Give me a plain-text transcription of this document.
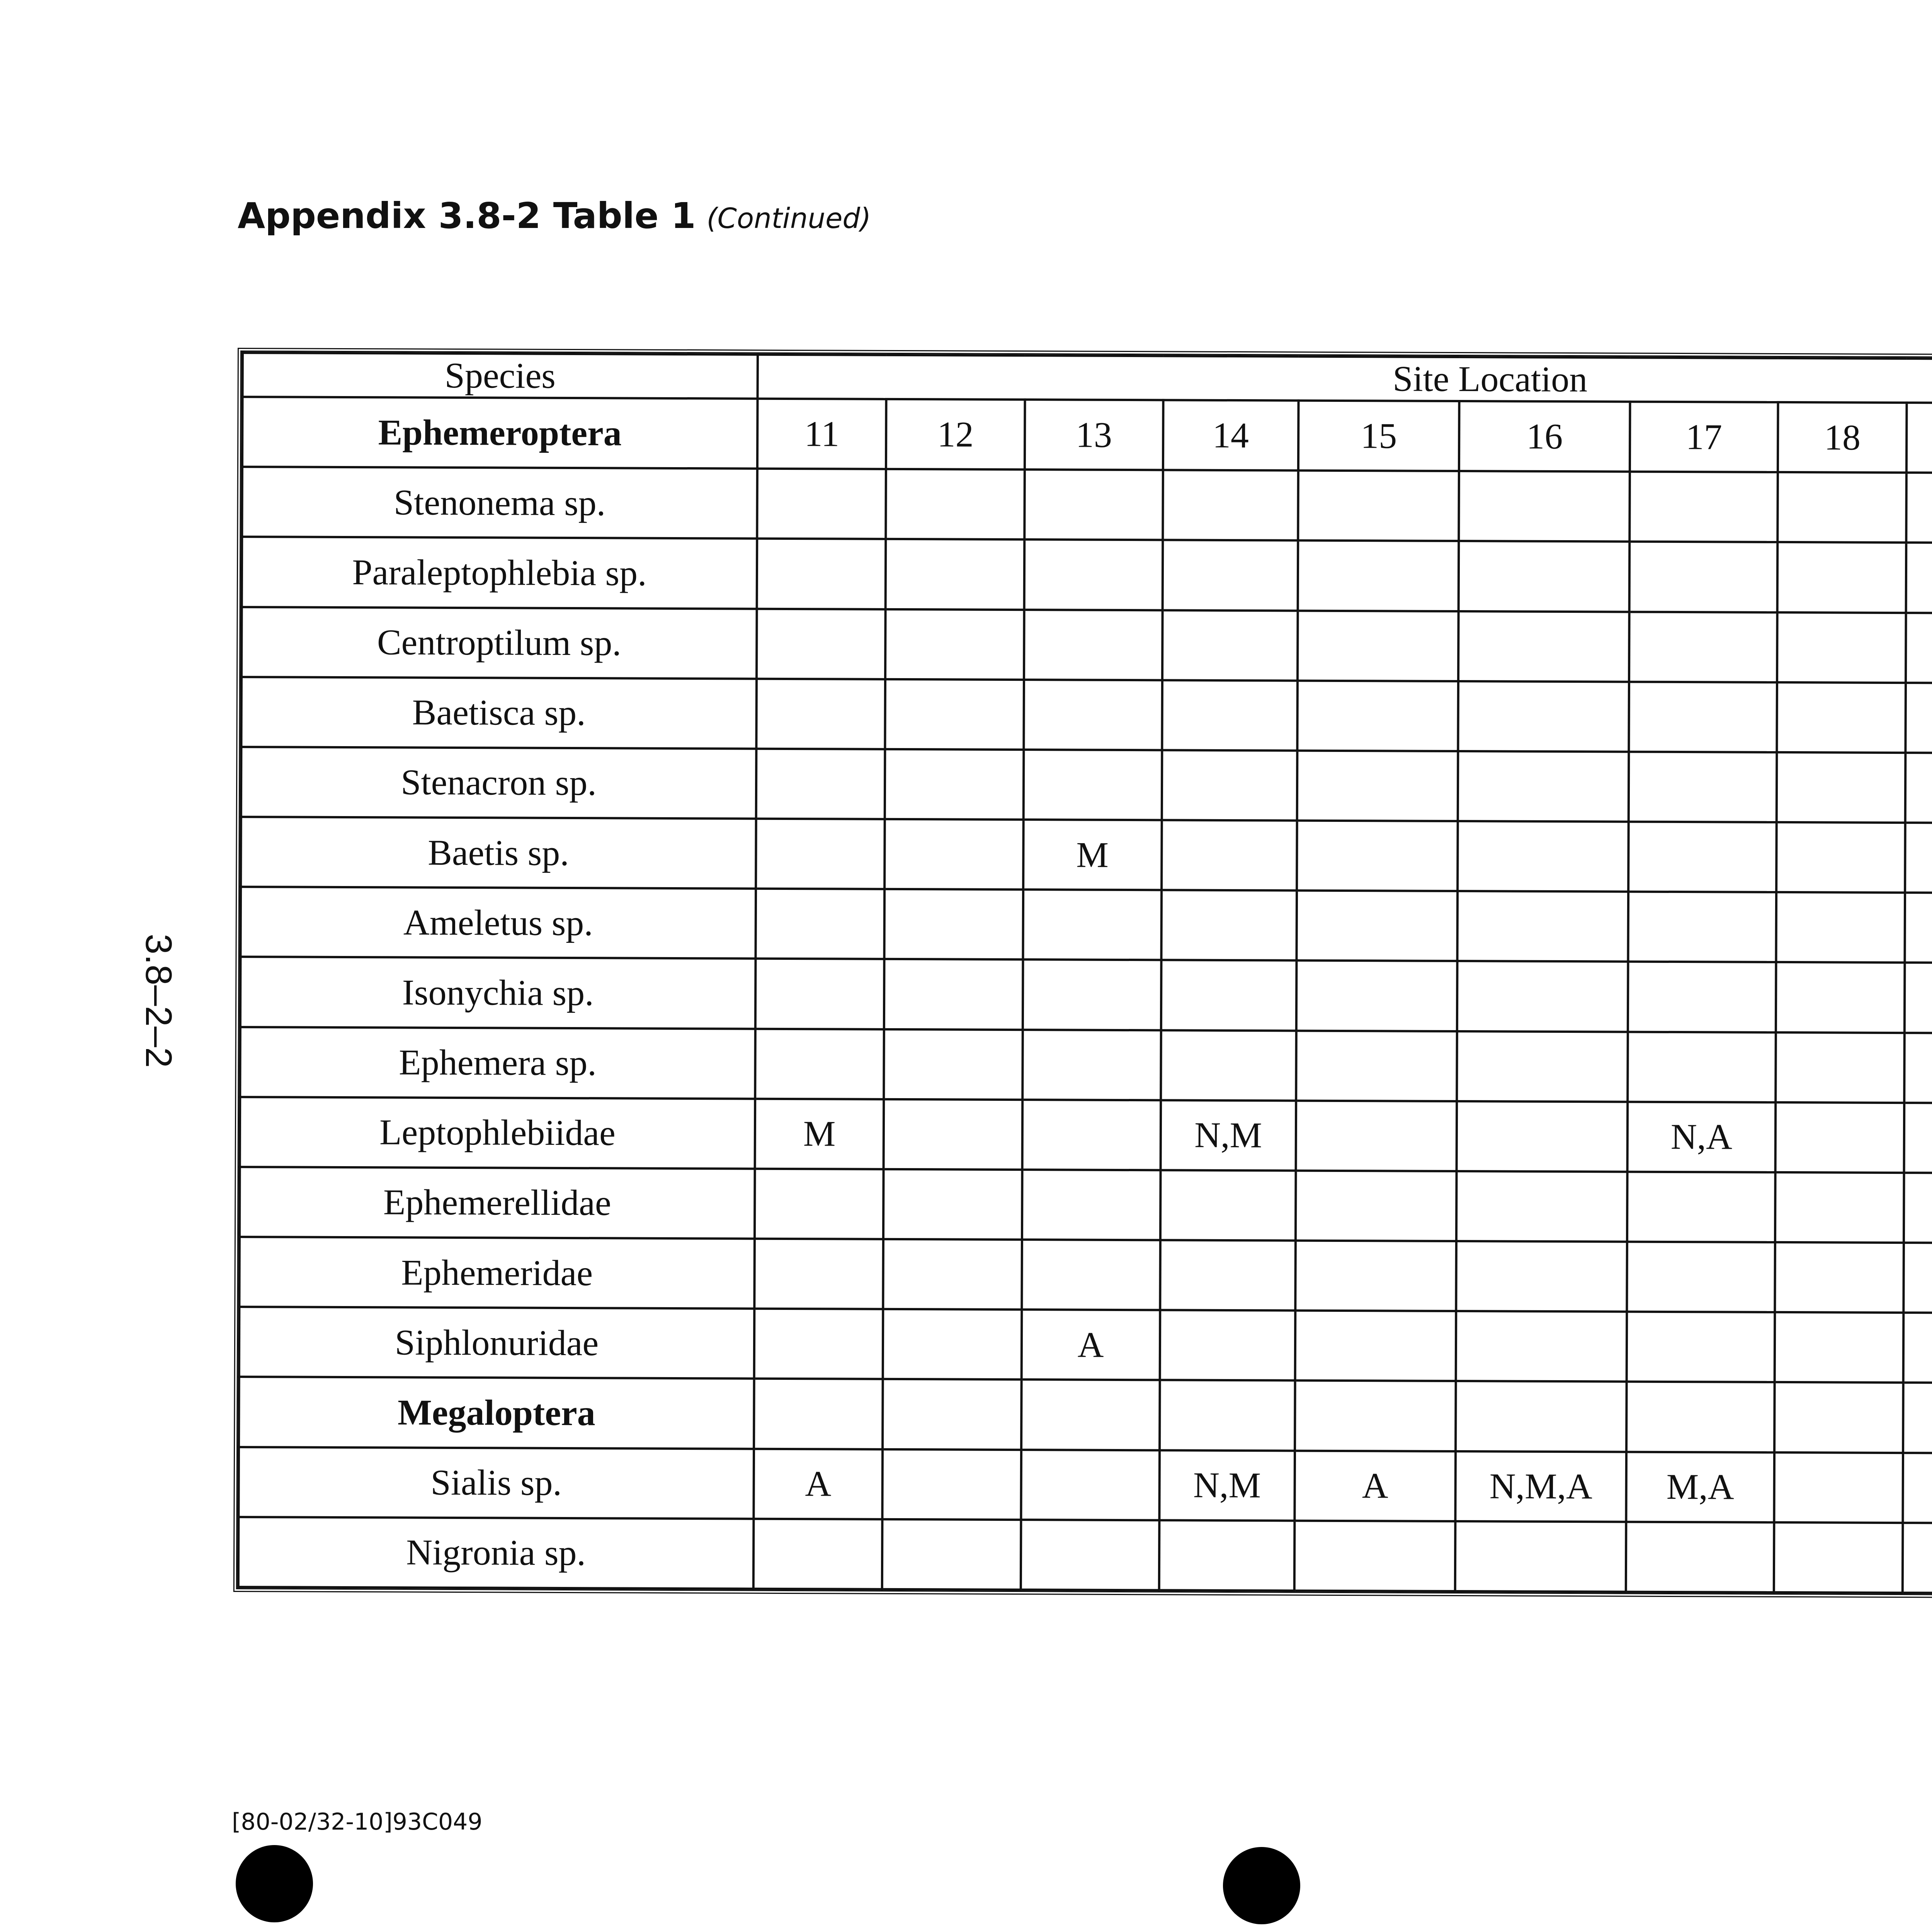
Appendix 3.8-2 Table 1 (Continued)
3.8–2–2
Species	Site Location										
Ephemeroptera	11	12	13	14	15	16	17	18			
Stenonema sp.											
Paraleptophlebia sp.											
Centroptilum sp.											
Baetisca sp.											
Stenacron sp.											
Baetis sp.			M								
Ameletus sp.											
Isonychia sp.											
Ephemera sp.											
Leptophlebiidae	M			N,M			N,A				
Ephemerellidae											
Ephemeridae											
Siphlonuridae			A								
Megaloptera											
Sialis sp.	A			N,M	A	N,M,A	M,A				
Nigronia sp.											
[80-02/32-10]93C049
